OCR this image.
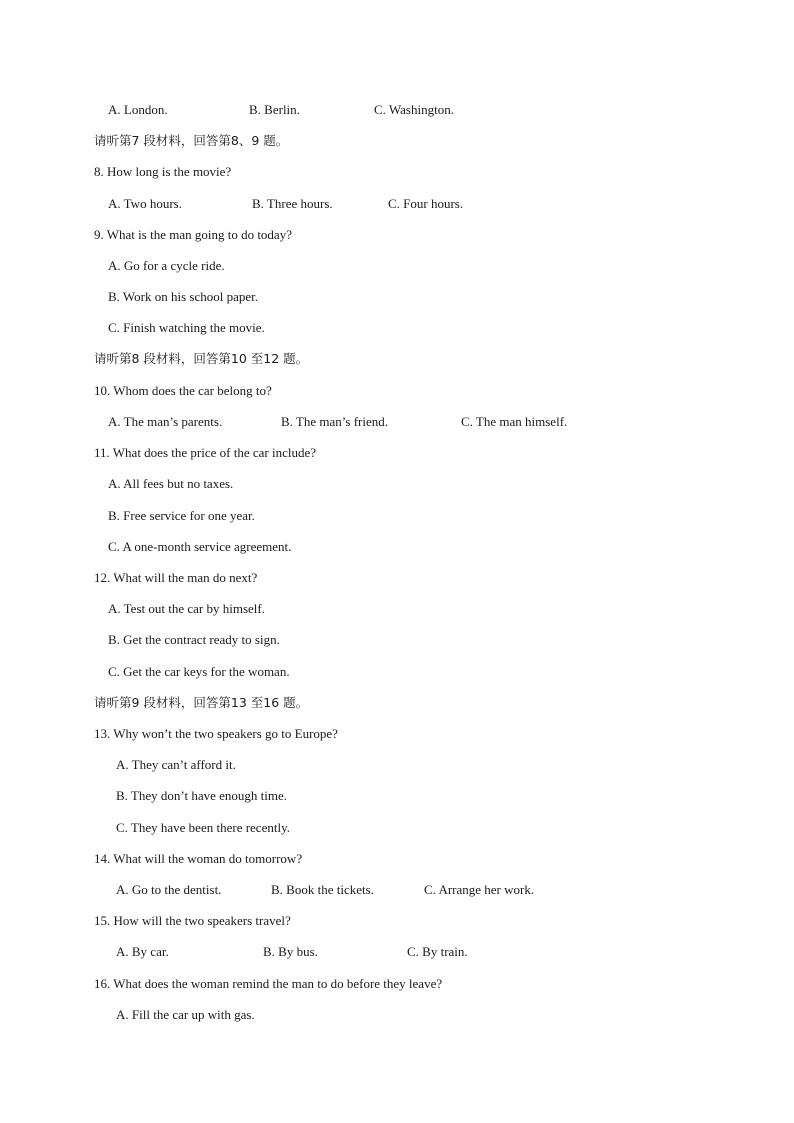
A. London.	B. Berlin.	C. Washington.
请听第7 段材料，回答第8、9 题。
8. How long is the movie?
A. Two hours.	B. Three hours.	C. Four hours.
9. What is the man going to do today?
A. Go for a cycle ride.
B. Work on his school paper.
C. Finish watching the movie.
请听第8 段材料，回答第10 至12 题。
10. Whom does the car belong to?
A. The man’s parents.	B. The man’s friend.	C. The man himself.
11. What does the price of the car include?
A. All fees but no taxes.
B. Free service for one year.
C. A one-month service agreement.
12. What will the man do next?
A. Test out the car by himself.
B. Get the contract ready to sign.
C. Get the car keys for the woman.
请听第9 段材料，回答第13 至16 题。
13. Why won’t the two speakers go to Europe?
A. They can’t afford it.
B. They don’t have enough time.
C. They have been there recently.
14. What will the woman do tomorrow?
A. Go to the dentist.	B. Book the tickets.	C. Arrange her work.
15. How will the two speakers travel?
A. By car.	B. By bus.	C. By train.
16. What does the woman remind the man to do before they leave?
A. Fill the car up with gas.
